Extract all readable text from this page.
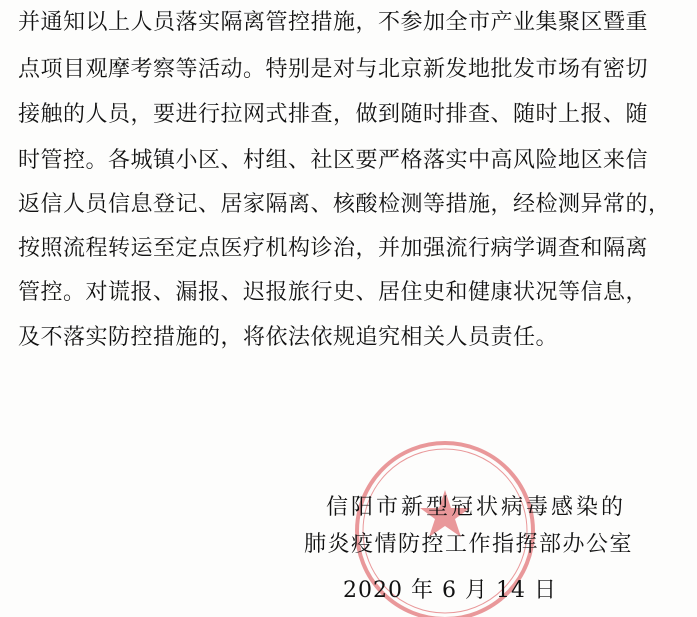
并通知以上人员落实隔离管控措施，不参加全市产业集聚区暨重
点项目观摩考察等活动。特别是对与北京新发地批发市场有密切
接触的人员，要进行拉网式排查，做到随时排查、随时上报、随
时管控。各城镇小区、村组、社区要严格落实中高风险地区来信
返信人员信息登记、居家隔离、核酸检测等措施，经检测异常的，
按照流程转运至定点医疗机构诊治，并加强流行病学调查和隔离
管控。对谎报、漏报、迟报旅行史、居住史和健康状况等信息，
及不落实防控措施的，将依法依规追究相关人员责任。
信阳市新型冠状病毒感染的
肺炎疫情防控工作指挥部办公室
2020 年 6 月 14 日
